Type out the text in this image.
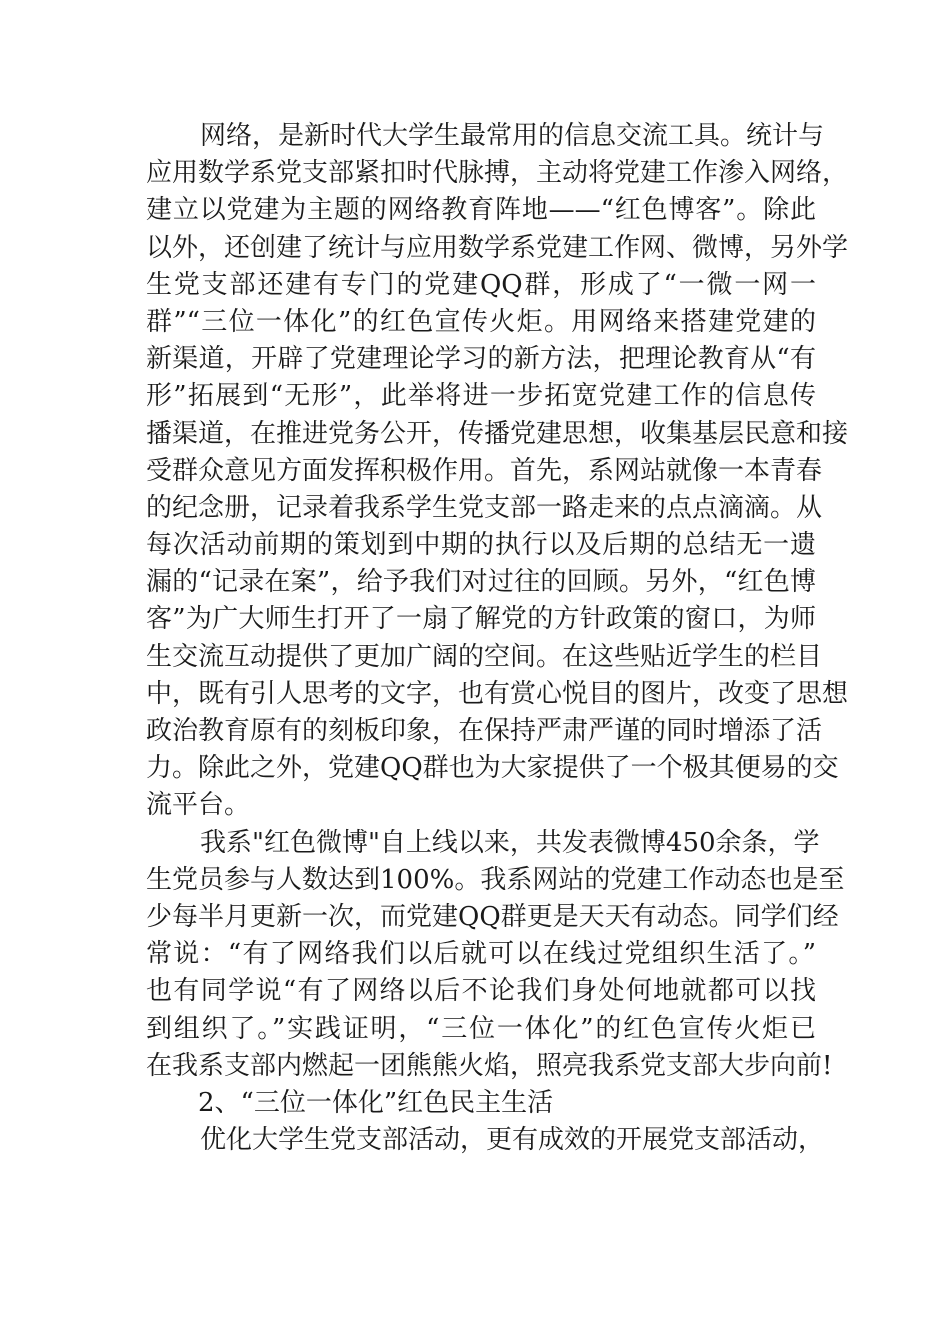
网络，是新时代大学生最常用的信息交流工具。统计与
应用数学系党支部紧扣时代脉搏，主动将党建工作渗入网络，
建立以党建为主题的网络教育阵地——“红色博客”。除此
以外，还创建了统计与应用数学系党建工作网、微博，另外学
生党支部还建有专门的党建QQ群，形成了“一微一网一
群”“三位一体化”的红色宣传火炬。用网络来搭建党建的
新渠道，开辟了党建理论学习的新方法，把理论教育从“有
形”拓展到“无形”，此举将进一步拓宽党建工作的信息传
播渠道，在推进党务公开，传播党建思想，收集基层民意和接
受群众意见方面发挥积极作用。首先，系网站就像一本青春
的纪念册，记录着我系学生党支部一路走来的点点滴滴。从
每次活动前期的策划到中期的执行以及后期的总结无一遗
漏的“记录在案”，给予我们对过往的回顾。另外，“红色博
客”为广大师生打开了一扇了解党的方针政策的窗口，为师
生交流互动提供了更加广阔的空间。在这些贴近学生的栏目
中，既有引人思考的文字，也有赏心悦目的图片，改变了思想
政治教育原有的刻板印象，在保持严肃严谨的同时增添了活
力。除此之外，党建QQ群也为大家提供了一个极其便易的交
流平台。
我系"红色微博"自上线以来，共发表微博450余条，学
生党员参与人数达到100%。我系网站的党建工作动态也是至
少每半月更新一次，而党建QQ群更是天天有动态。同学们经
常说：“有了网络我们以后就可以在线过党组织生活了。”
也有同学说“有了网络以后不论我们身处何地就都可以找
到组织了。”实践证明，“三位一体化”的红色宣传火炬已
在我系支部内燃起一团熊熊火焰，照亮我系党支部大步向前!
2、“三位一体化”红色民主生活
优化大学生党支部活动，更有成效的开展党支部活动，
